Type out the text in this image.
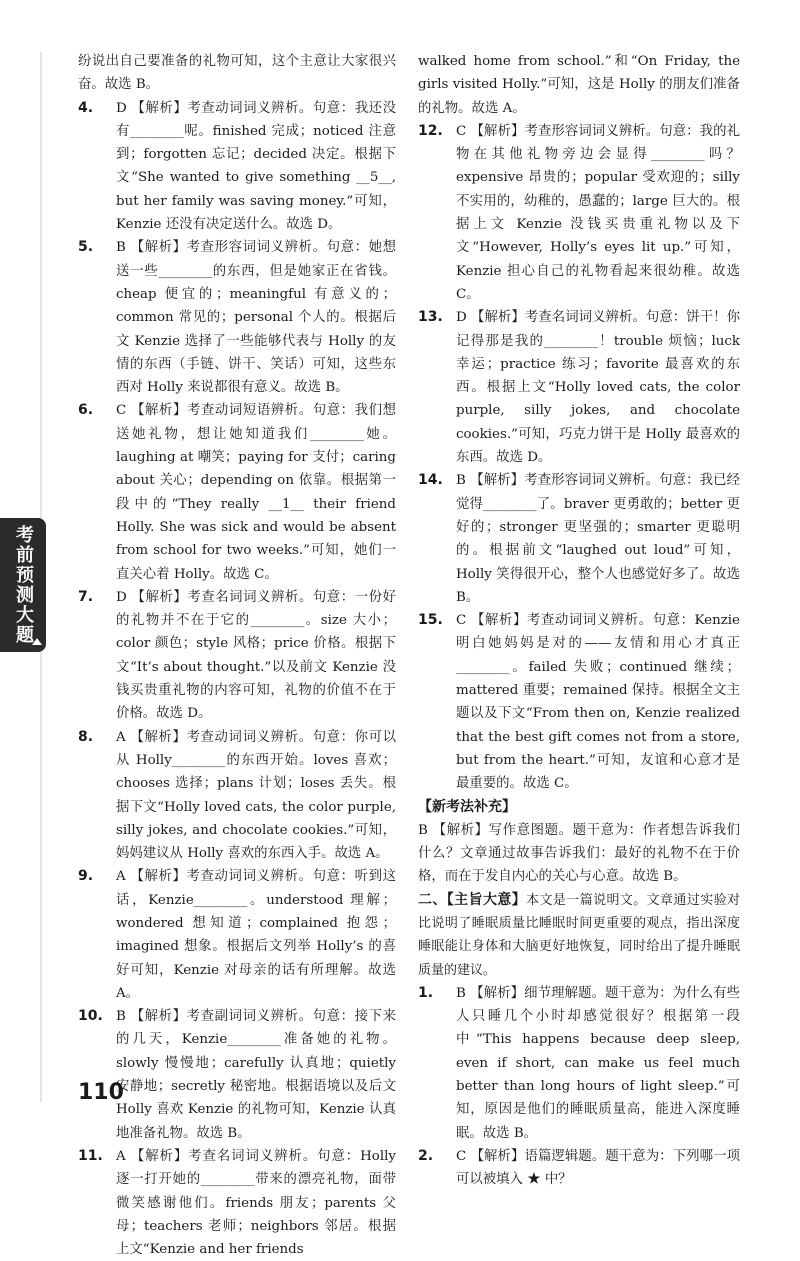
考前预测大题
纷说出自己要准备的礼物可知，这个主意让大家很兴奋。故选 B。
4. D 【解析】考查动词词义辨析。句意：我还没有________呢。finished 完成；noticed 注意到；forgotten 忘记；decided 决定。根据下文“She wanted to give something __5__, but her family was saving money.”可知，Kenzie 还没有决定送什么。故选 D。
5. B 【解析】考查形容词词义辨析。句意：她想送一些________的东西，但是她家正在省钱。cheap 便宜的；meaningful 有意义的；common 常见的；personal 个人的。根据后文 Kenzie 选择了一些能够代表与 Holly 的友情的东西（手链、饼干、笑话）可知，这些东西对 Holly 来说都很有意义。故选 B。
6. C 【解析】考查动词短语辨析。句意：我们想送她礼物，想让她知道我们________她。laughing at 嘲笑；paying for 支付；caring about 关心；depending on 依靠。根据第一段中的“They really __1__ their friend Holly. She was sick and would be absent from school for two weeks.”可知，她们一直关心着 Holly。故选 C。
7. D 【解析】考查名词词义辨析。句意：一份好的礼物并不在于它的________。size 大小；color 颜色；style 风格；price 价格。根据下文“It’s about thought.”以及前文 Kenzie 没钱买贵重礼物的内容可知，礼物的价值不在于价格。故选 D。
8. A 【解析】考查动词词义辨析。句意：你可以从 Holly________的东西开始。loves 喜欢；chooses 选择；plans 计划；loses 丢失。根据下文“Holly loved cats, the color purple, silly jokes, and chocolate cookies.”可知，妈妈建议从 Holly 喜欢的东西入手。故选 A。
9. A 【解析】考查动词词义辨析。句意：听到这话，Kenzie________。understood 理解；wondered 想知道；complained 抱怨；imagined 想象。根据后文列举 Holly’s 的喜好可知，Kenzie 对母亲的话有所理解。故选 A。
10. B 【解析】考查副词词义辨析。句意：接下来的几天，Kenzie________准备她的礼物。slowly 慢慢地；carefully 认真地；quietly 安静地；secretly 秘密地。根据语境以及后文 Holly 喜欢 Kenzie 的礼物可知，Kenzie 认真地准备礼物。故选 B。
11. A 【解析】考查名词词义辨析。句意：Holly 逐一打开她的________带来的漂亮礼物，面带微笑感谢他们。friends 朋友；parents 父母；teachers 老师；neighbors 邻居。根据上文“Kenzie and her friends
walked home from school.”和“On Friday, the girls visited Holly.”可知，这是 Holly 的朋友们准备的礼物。故选 A。
12. C 【解析】考查形容词词义辨析。句意：我的礼物在其他礼物旁边会显得________吗？expensive 昂贵的；popular 受欢迎的；silly 不实用的，幼稚的，愚蠢的；large 巨大的。根据上文 Kenzie 没钱买贵重礼物以及下文“However, Holly’s eyes lit up.”可知，Kenzie 担心自己的礼物看起来很幼稚。故选 C。
13. D 【解析】考查名词词义辨析。句意：饼干！你记得那是我的________！trouble 烦恼；luck 幸运；practice 练习；favorite 最喜欢的东西。根据上文“Holly loved cats, the color purple, silly jokes, and chocolate cookies.”可知，巧克力饼干是 Holly 最喜欢的东西。故选 D。
14. B 【解析】考查形容词词义辨析。句意：我已经觉得________了。braver 更勇敢的；better 更好的；stronger 更坚强的；smarter 更聪明的。根据前文“laughed out loud”可知，Holly 笑得很开心，整个人也感觉好多了。故选 B。
15. C 【解析】考查动词词义辨析。句意：Kenzie 明白她妈妈是对的——友情和用心才真正________。failed 失败；continued 继续；mattered 重要；remained 保持。根据全文主题以及下文“From then on, Kenzie realized that the best gift comes not from a store, but from the heart.”可知，友谊和心意才是最重要的。故选 C。
【新考法补充】
B 【解析】写作意图题。题干意为：作者想告诉我们什么？文章通过故事告诉我们：最好的礼物不在于价格，而在于发自内心的关心与心意。故选 B。
二、【主旨大意】本文是一篇说明文。文章通过实验对比说明了睡眠质量比睡眠时间更重要的观点，指出深度睡眠能让身体和大脑更好地恢复，同时给出了提升睡眠质量的建议。
1. B 【解析】细节理解题。题干意为：为什么有些人只睡几个小时却感觉很好？根据第一段中“This happens because deep sleep, even if short, can make us feel much better than long hours of light sleep.”可知，原因是他们的睡眠质量高，能进入深度睡眠。故选 B。
2. C 【解析】语篇逻辑题。题干意为：下列哪一项可以被填入 ★ 中？
110
